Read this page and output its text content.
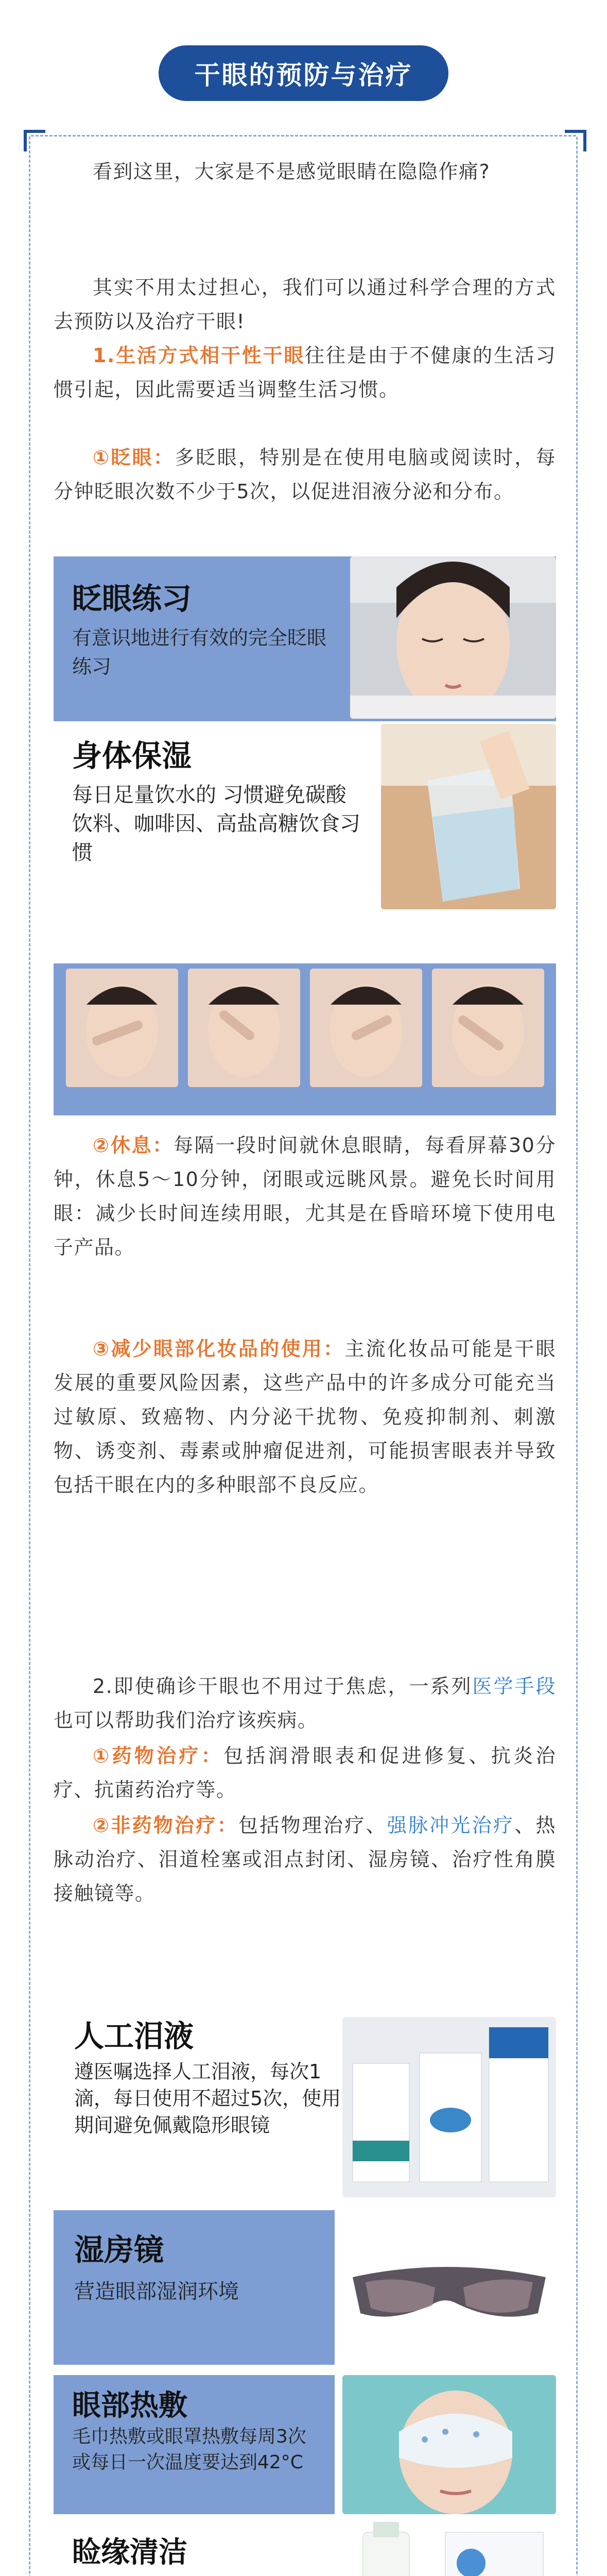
干眼的预防与治疗

看到这里，大家是不是感觉眼睛在隐隐作痛?

其实不用太过担心，我们可以通过科学合理的方式去预防以及治疗干眼!

1.生活方式相干性干眼往往是由于不健康的生活习惯引起，因此需要适当调整生活习惯。

①眨眼：多眨眼，特别是在使用电脑或阅读时，每分钟眨眼次数不少于5次，以促进泪液分泌和分布。

眨眼练习
有意识地进行有效的完全眨眼练习
身体保湿
每日足量饮水的 习惯避免碳酸饮料、咖啡因、高盐高糖饮食习惯
睑缘按摩

②休息：每隔一段时间就休息眼睛，每看屏幕30分钟，休息5～10分钟，闭眼或远眺风景。避免长时间用眼：减少长时间连续用眼，尤其是在昏暗环境下使用电子产品。

③减少眼部化妆品的使用：主流化妆品可能是干眼发展的重要风险因素，这些产品中的许多成分可能充当过敏原、致癌物、内分泌干扰物、免疫抑制剂、刺激物、诱变剂、毒素或肿瘤促进剂，可能损害眼表并导致包括干眼在内的多种眼部不良反应。

2.即使确诊干眼也不用过于焦虑，一系列医学手段也可以帮助我们治疗该疾病。

①药物治疗：包括润滑眼表和促进修复、抗炎治疗、抗菌药治疗等。

②非药物治疗：包括物理治疗、强脉冲光治疗、热脉动治疗、泪道栓塞或泪点封闭、湿房镜、治疗性角膜接触镜等。

人工泪液
遵医嘱选择人工泪液，每次1滴，每日使用不超过5次，使用期间避免佩戴隐形眼镜
湿房镜
营造眼部湿润环境
眼部热敷
毛巾热敷或眼罩热敷每周3次或每日一次温度要达到42°C
睑缘清洁
